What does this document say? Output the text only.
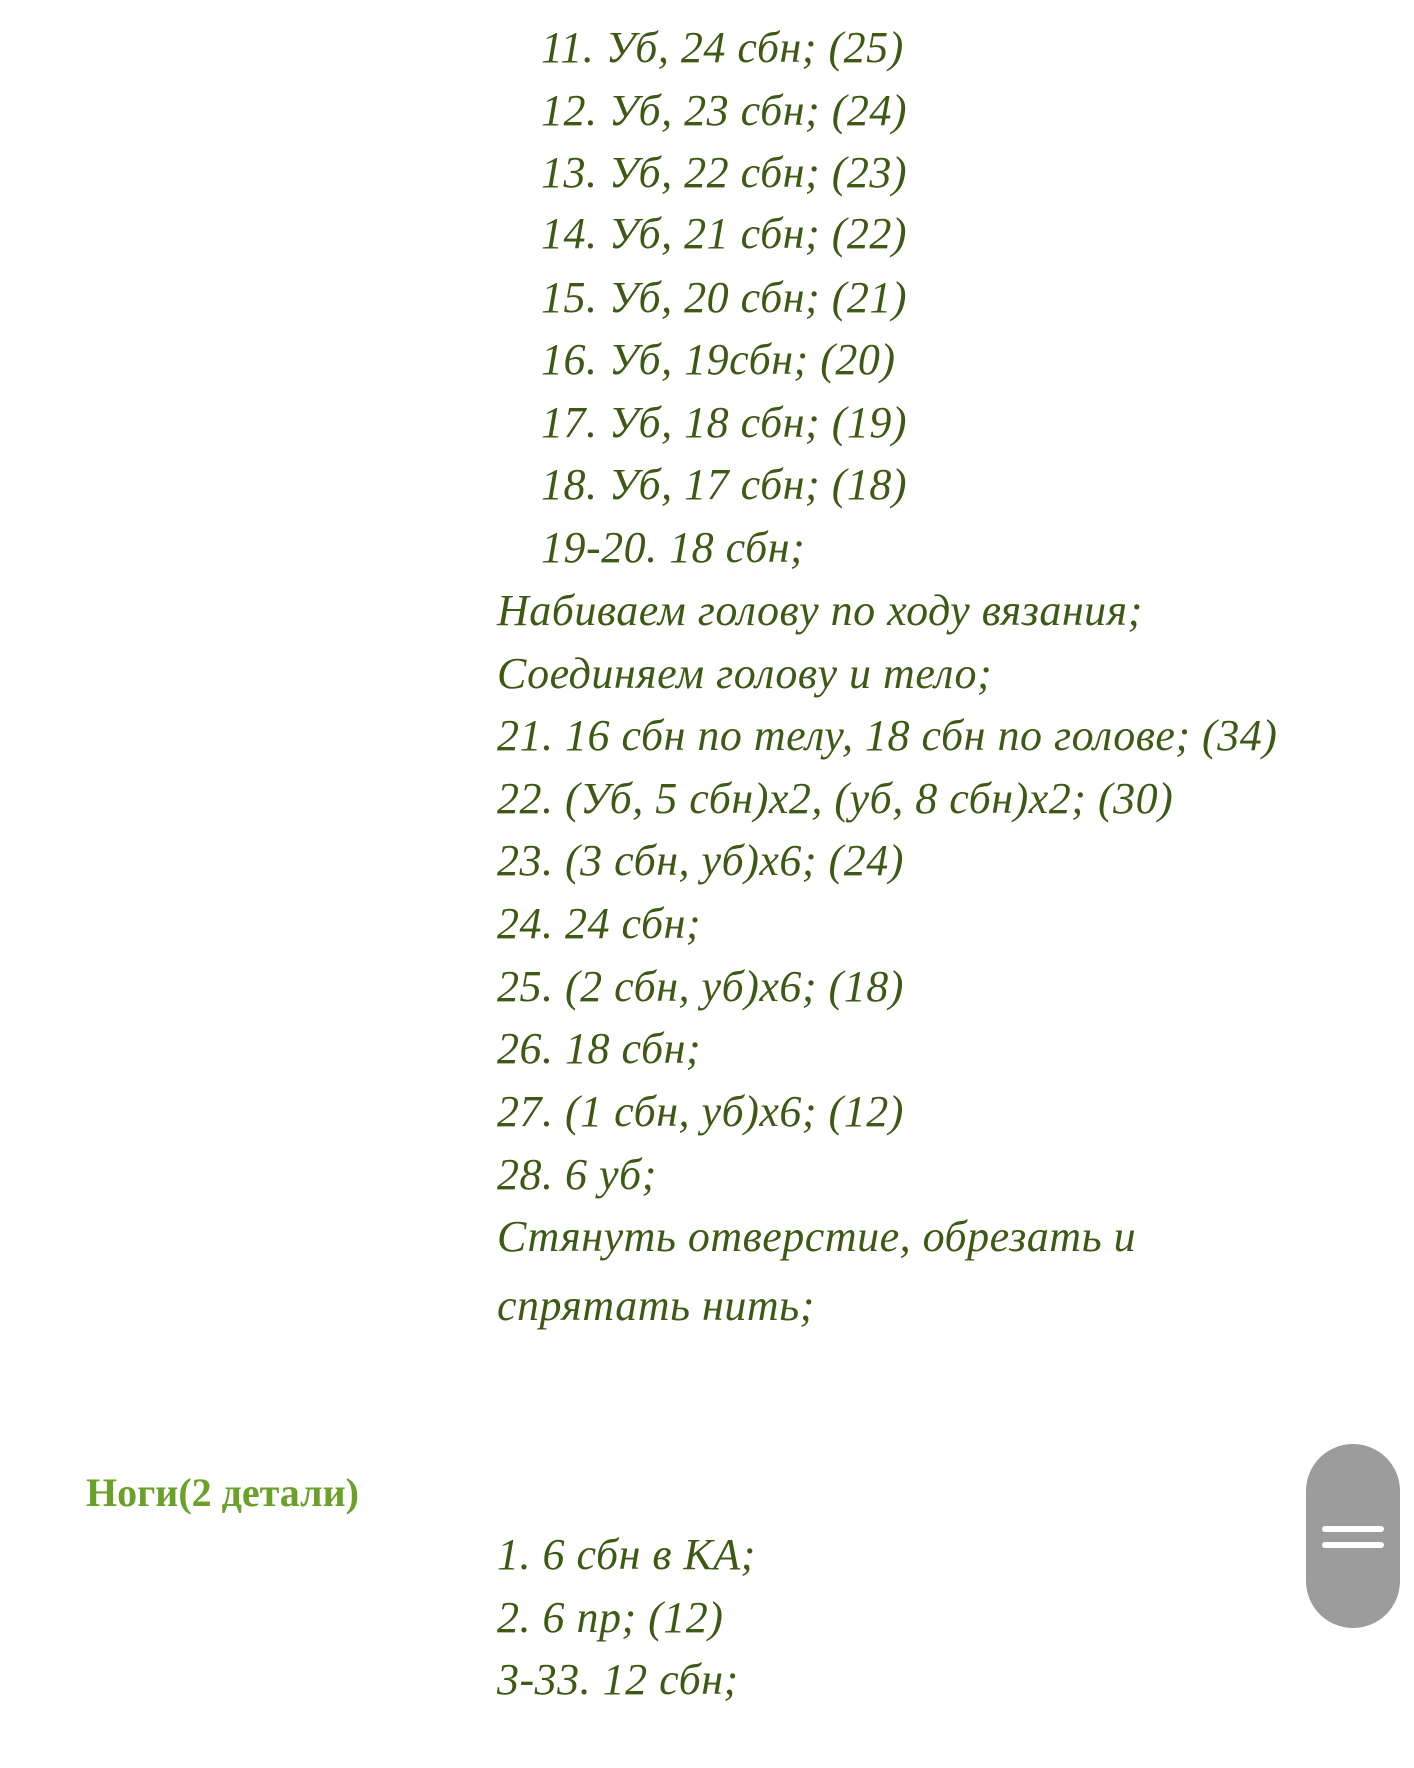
11. Уб, 24 сбн; (25)
12. Уб, 23 сбн; (24)
13. Уб, 22 сбн; (23)
14. Уб, 21 сбн; (22)
15. Уб, 20 сбн; (21)
16. Уб, 19сбн; (20)
17. Уб, 18 сбн; (19)
18. Уб, 17 сбн; (18)
19-20. 18 сбн;
Набиваем голову по ходу вязания;
Соединяем голову и тело;
21. 16 сбн по телу, 18 сбн по голове; (34)
22. (Уб, 5 сбн)х2, (уб, 8 сбн)х2; (30)
23. (3 сбн, уб)х6; (24)
24. 24 сбн;
25. (2 сбн, уб)х6; (18)
26. 18 сбн;
27. (1 сбн, уб)х6; (12)
28. 6 уб;
Стянуть отверстие, обрезать и
спрятать нить;
Ноги(2 детали)
1. 6 сбн в КА;
2. 6 пр; (12)
3-33. 12 сбн;
